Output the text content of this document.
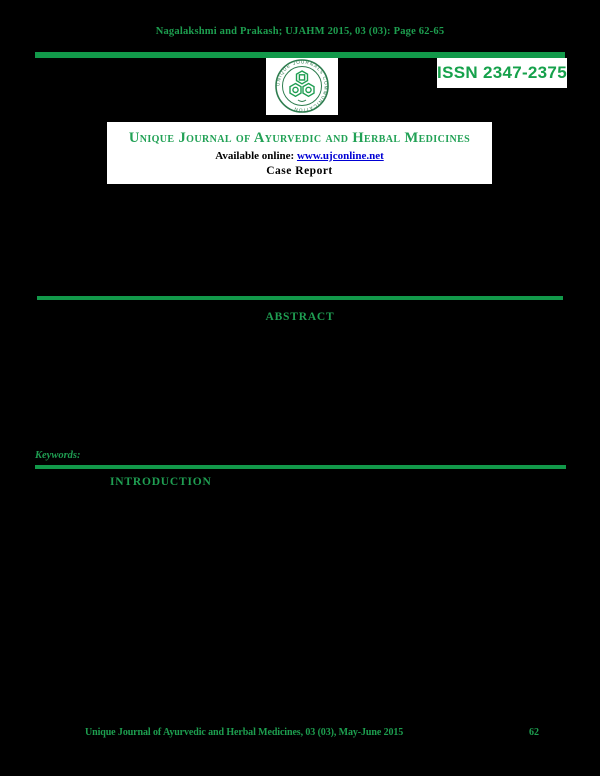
Nagalakshmi and Prakash; UJAHM 2015, 03 (03): Page 62-65
UNIQUE JOURNALS COMMUNICATION
ISSN 2347-2375
Unique Journal of Ayurvedic and Herbal Medicines
Available online: www.ujconline.net
Case Report
ABSTRACT
Keywords:
INTRODUCTION
Unique Journal of Ayurvedic and Herbal Medicines, 03 (03), May-June 2015	62
